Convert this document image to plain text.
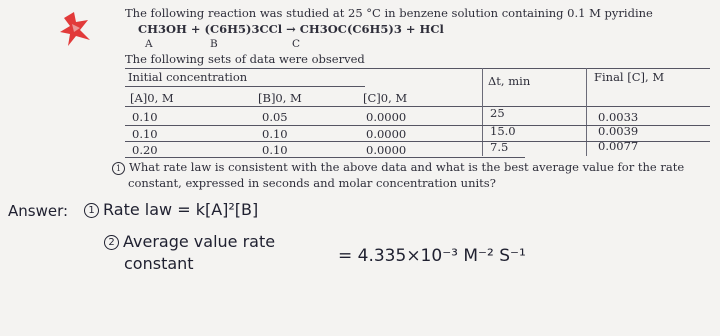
The following reaction was studied at 25 °C in benzene solution containing 0.1 M pyridine
CH3OH + (C6H5)3CCl → CH3OC(C6H5)3 + HCl
A	B	C
The following sets of data were observed
Initial concentration	Δt, min	Final [C], M
[A]0, M	[B]0, M	[C]0, M
0.10	0.05	0.0000	25	0.0033
0.10	0.10	0.0000	15.0	0.0039
0.20	0.10	0.0000	7.5	0.0077
1 What rate law is consistent with the above data and what is the best average value for the rate
constant, expressed in seconds and molar concentration units?
Answer:	1 Rate law = k[A]²[B]
2 Average value rate
constant	= 4.335×10⁻³ M⁻² S⁻¹
